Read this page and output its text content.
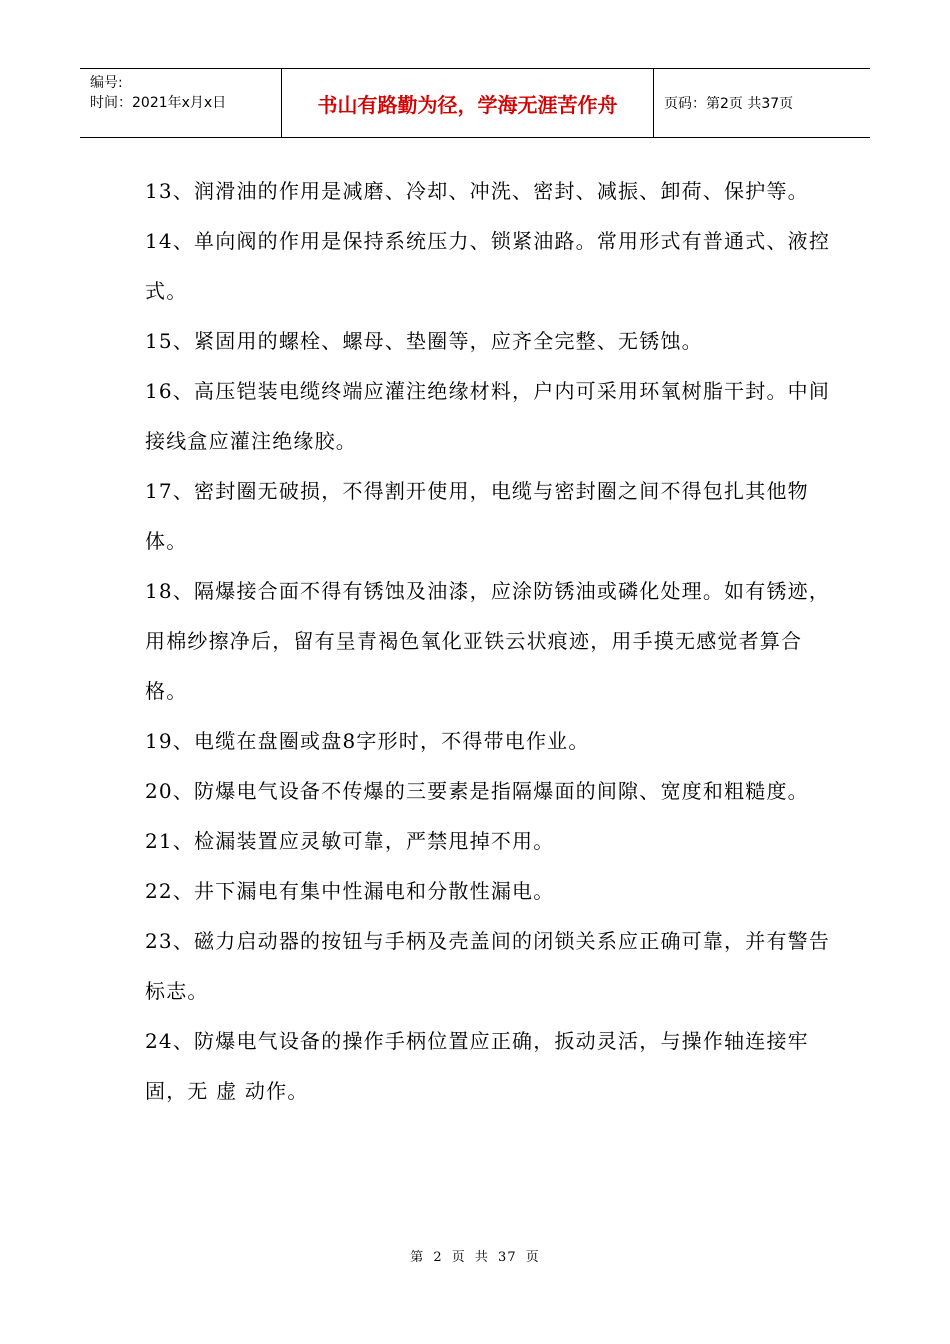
编号:
时间：2021年x月x日	书山有路勤为径，学海无涯苦作舟	页码：第2页 共37页

13、润滑油的作用是减磨、冷却、冲洗、密封、减振、卸荷、保护等。

14、单向阀的作用是保持系统压力、锁紧油路。常用形式有普通式、液控式。

15、紧固用的螺栓、螺母、垫圈等，应齐全完整、无锈蚀。

16、高压铠装电缆终端应灌注绝缘材料，户内可采用环氧树脂干封。中间接线盒应灌注绝缘胶。

17、密封圈无破损，不得割开使用，电缆与密封圈之间不得包扎其他物体。

18、隔爆接合面不得有锈蚀及油漆，应涂防锈油或磷化处理。如有锈迹，用棉纱擦净后，留有呈青褐色氧化亚铁云状痕迹，用手摸无感觉者算合格。

19、电缆在盘圈或盘8字形时，不得带电作业。

20、防爆电气设备不传爆的三要素是指隔爆面的间隙、宽度和粗糙度。

21、检漏装置应灵敏可靠，严禁甩掉不用。

22、井下漏电有集中性漏电和分散性漏电。

23、磁力启动器的按钮与手柄及壳盖间的闭锁关系应正确可靠，并有警告标志。

24、防爆电气设备的操作手柄位置应正确，扳动灵活，与操作轴连接牢固，无 虚 动作。

第 2 页 共 37 页
